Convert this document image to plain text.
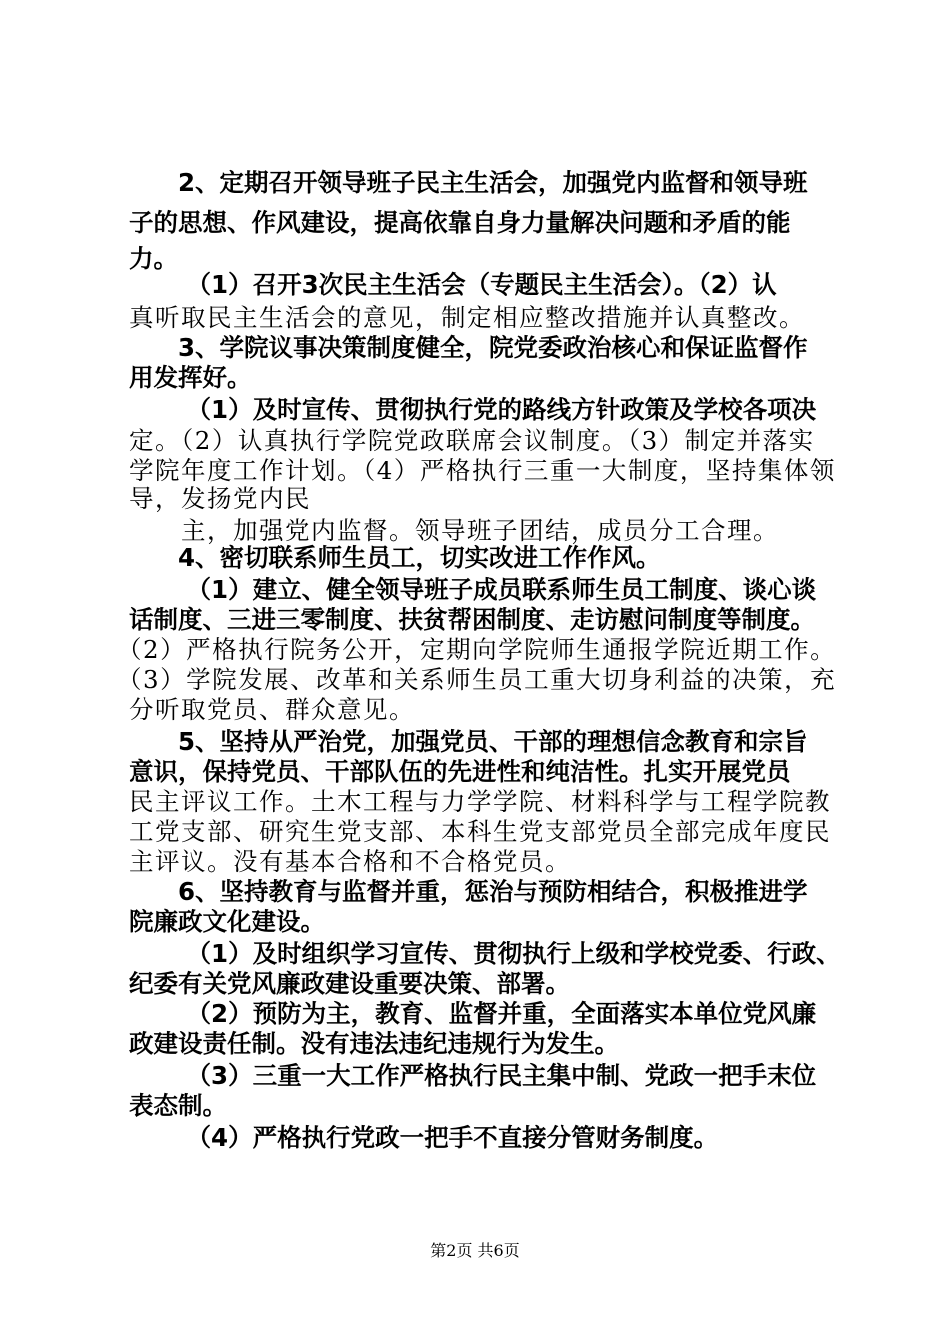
　　2、定期召开领导班子民主生活会，加强党内监督和领导班
子的思想、作风建设，提高依靠自身力量解决问题和矛盾的能
力。
　　 （1）召开3次民主生活会（专题民主生活会）。（2）认
真听取民主生活会的意见，制定相应整改措施并认真整改。
　　3、学院议事决策制度健全，院党委政治核心和保证监督作
用发挥好。
　　 （1）及时宣传、贯彻执行党的路线方针政策及学校各项决
定。（2）认真执行学院党政联席会议制度。（3）制定并落实
学院年度工作计划。（4）严格执行三重一大制度，坚持集体领
导，发扬党内民
　　主，加强党内监督。领导班子团结，成员分工合理。
　　4、密切联系师生员工，切实改进工作作风。
　　 （1）建立、健全领导班子成员联系师生员工制度、谈心谈
话制度、三进三零制度、扶贫帮困制度、走访慰问制度等制度。
（2）严格执行院务公开，定期向学院师生通报学院近期工作。
（3）学院发展、改革和关系师生员工重大切身利益的决策，充
分听取党员、群众意见。
　　5、坚持从严治党，加强党员、干部的理想信念教育和宗旨
意识，保持党员、干部队伍的先进性和纯洁性。扎实开展党员
民主评议工作。土木工程与力学学院、材料科学与工程学院教
工党支部、研究生党支部、本科生党支部党员全部完成年度民
主评议。没有基本合格和不合格党员。
　　6、坚持教育与监督并重，惩治与预防相结合，积极推进学
院廉政文化建设。
　　 （1）及时组织学习宣传、贯彻执行上级和学校党委、行政、
纪委有关党风廉政建设重要决策、部署。
　　 （2）预防为主，教育、监督并重，全面落实本单位党风廉
政建设责任制。没有违法违纪违规行为发生。
　　 （3）三重一大工作严格执行民主集中制、党政一把手末位
表态制。
　　 （4）严格执行党政一把手不直接分管财务制度。
第2页 共6页
